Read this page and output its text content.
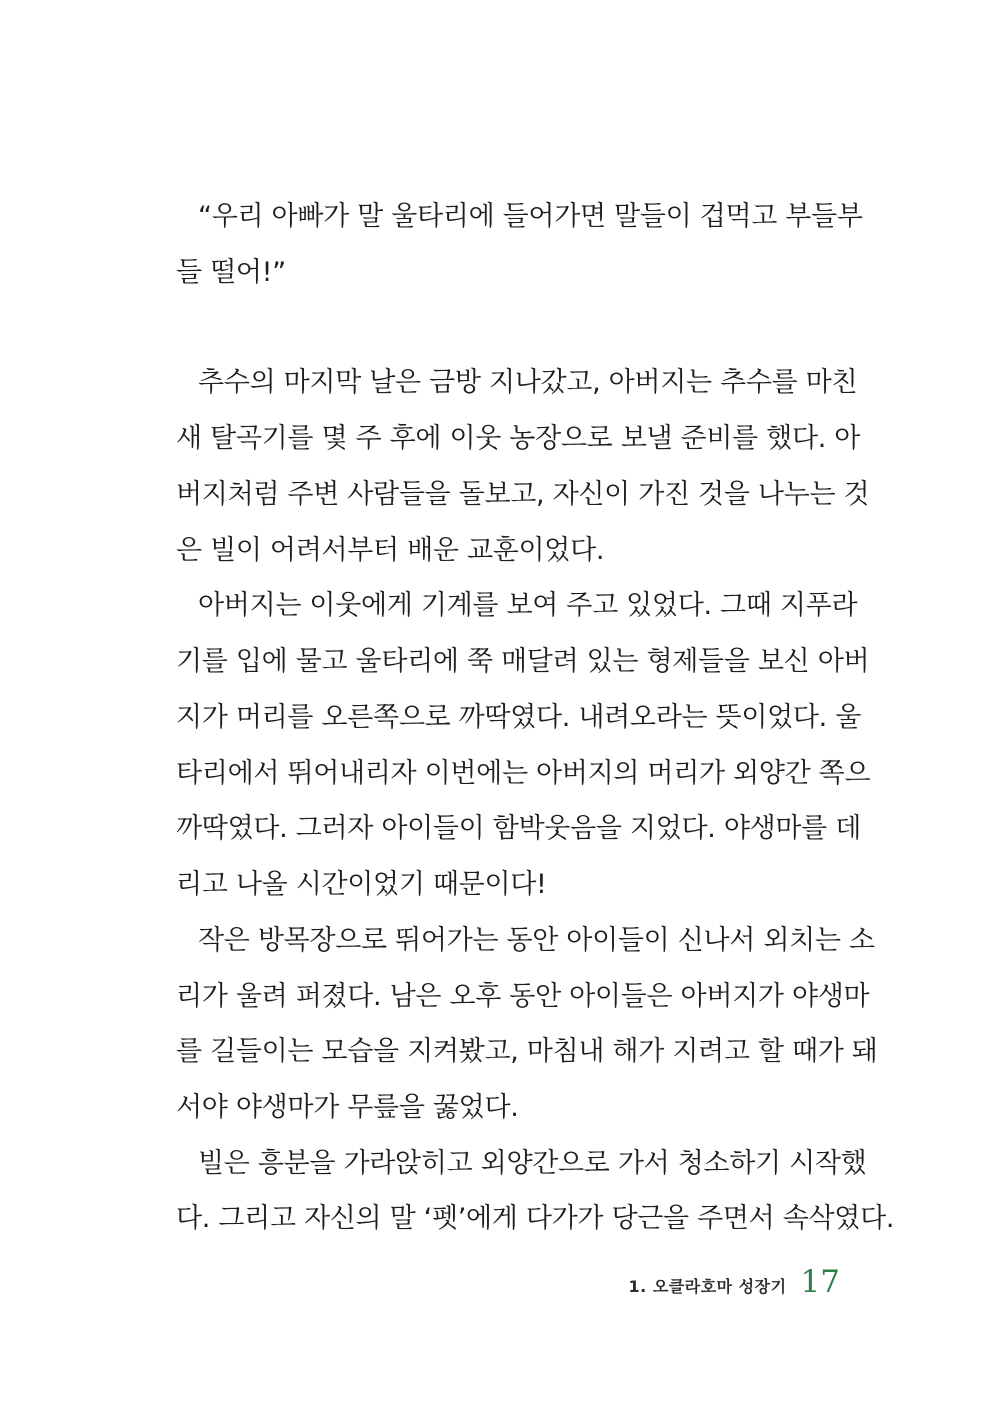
“우리 아빠가 말 울타리에 들어가면 말들이 겁먹고 부들부
들 떨어!”
추수의 마지막 날은 금방 지나갔고, 아버지는 추수를 마친
새 탈곡기를 몇 주 후에 이웃 농장으로 보낼 준비를 했다. 아
버지처럼 주변 사람들을 돌보고, 자신이 가진 것을 나누는 것
은 빌이 어려서부터 배운 교훈이었다.
아버지는 이웃에게 기계를 보여 주고 있었다. 그때 지푸라
기를 입에 물고 울타리에 쭉 매달려 있는 형제들을 보신 아버
지가 머리를 오른쪽으로 까딱였다. 내려오라는 뜻이었다. 울
타리에서 뛰어내리자 이번에는 아버지의 머리가 외양간 쪽으
까딱였다. 그러자 아이들이 함박웃음을 지었다. 야생마를 데
리고 나올 시간이었기 때문이다!
작은 방목장으로 뛰어가는 동안 아이들이 신나서 외치는 소
리가 울려 퍼졌다. 남은 오후 동안 아이들은 아버지가 야생마
를 길들이는 모습을 지켜봤고, 마침내 해가 지려고 할 때가 돼
서야 야생마가 무릎을 꿇었다.
빌은 흥분을 가라앉히고 외양간으로 가서 청소하기 시작했
다. 그리고 자신의 말 ‘펫’에게 다가가 당근을 주면서 속삭였다.
1. 오클라호마 성장기 17
